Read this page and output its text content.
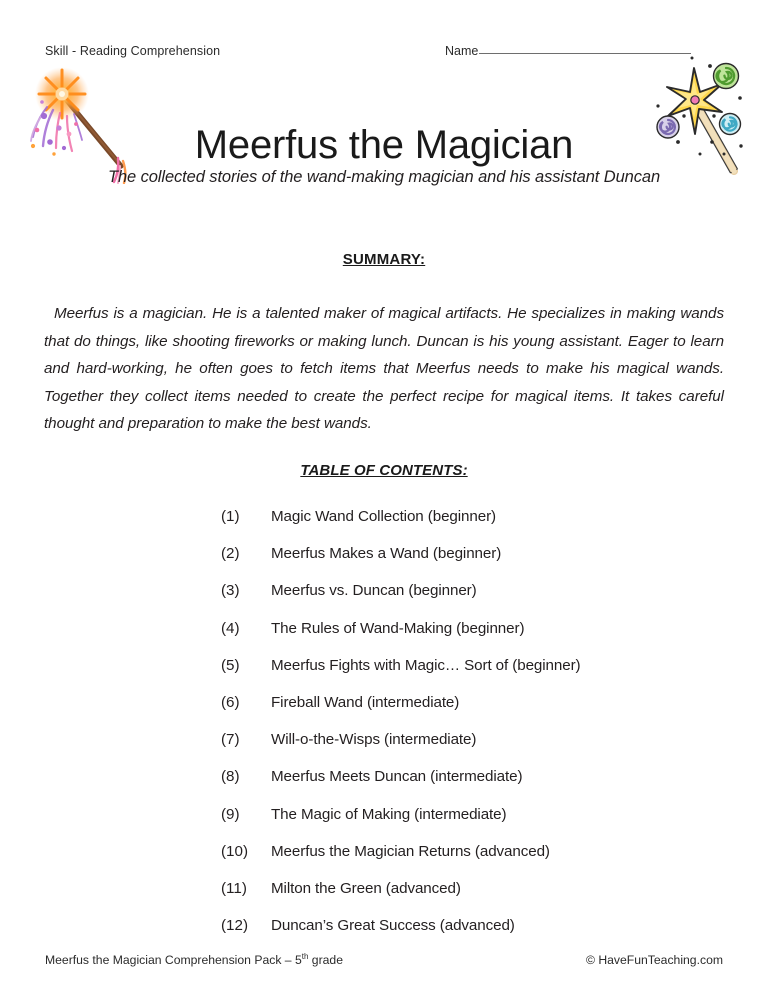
Skill - Reading Comprehension	Name
Meerfus the Magician
The collected stories of the wand-making magician and his assistant Duncan
SUMMARY:

Meerfus is a magician. He is a talented maker of magical artifacts. He specializes in making wands that do things, like shooting fireworks or making lunch. Duncan is his young assistant. Eager to learn and hard-working, he often goes to fetch items that Meerfus needs to make his magical wands. Together they collect items needed to create the perfect recipe for magical items. It takes careful thought and preparation to make the best wands.

TABLE OF CONTENTS:
(1)	Magic Wand Collection (beginner)
(2)	Meerfus Makes a Wand (beginner)
(3)	Meerfus vs. Duncan (beginner)
(4)	The Rules of Wand-Making (beginner)
(5)	Meerfus Fights with Magic… Sort of (beginner)
(6)	Fireball Wand (intermediate)
(7)	Will-o-the-Wisps (intermediate)
(8)	Meerfus Meets Duncan (intermediate)
(9)	The Magic of Making (intermediate)
(10)	Meerfus the Magician Returns (advanced)
(11)	Milton the Green (advanced)
(12)	Duncan’s Great Success (advanced)
Meerfus the Magician Comprehension Pack – 5th grade	© HaveFunTeaching.com
